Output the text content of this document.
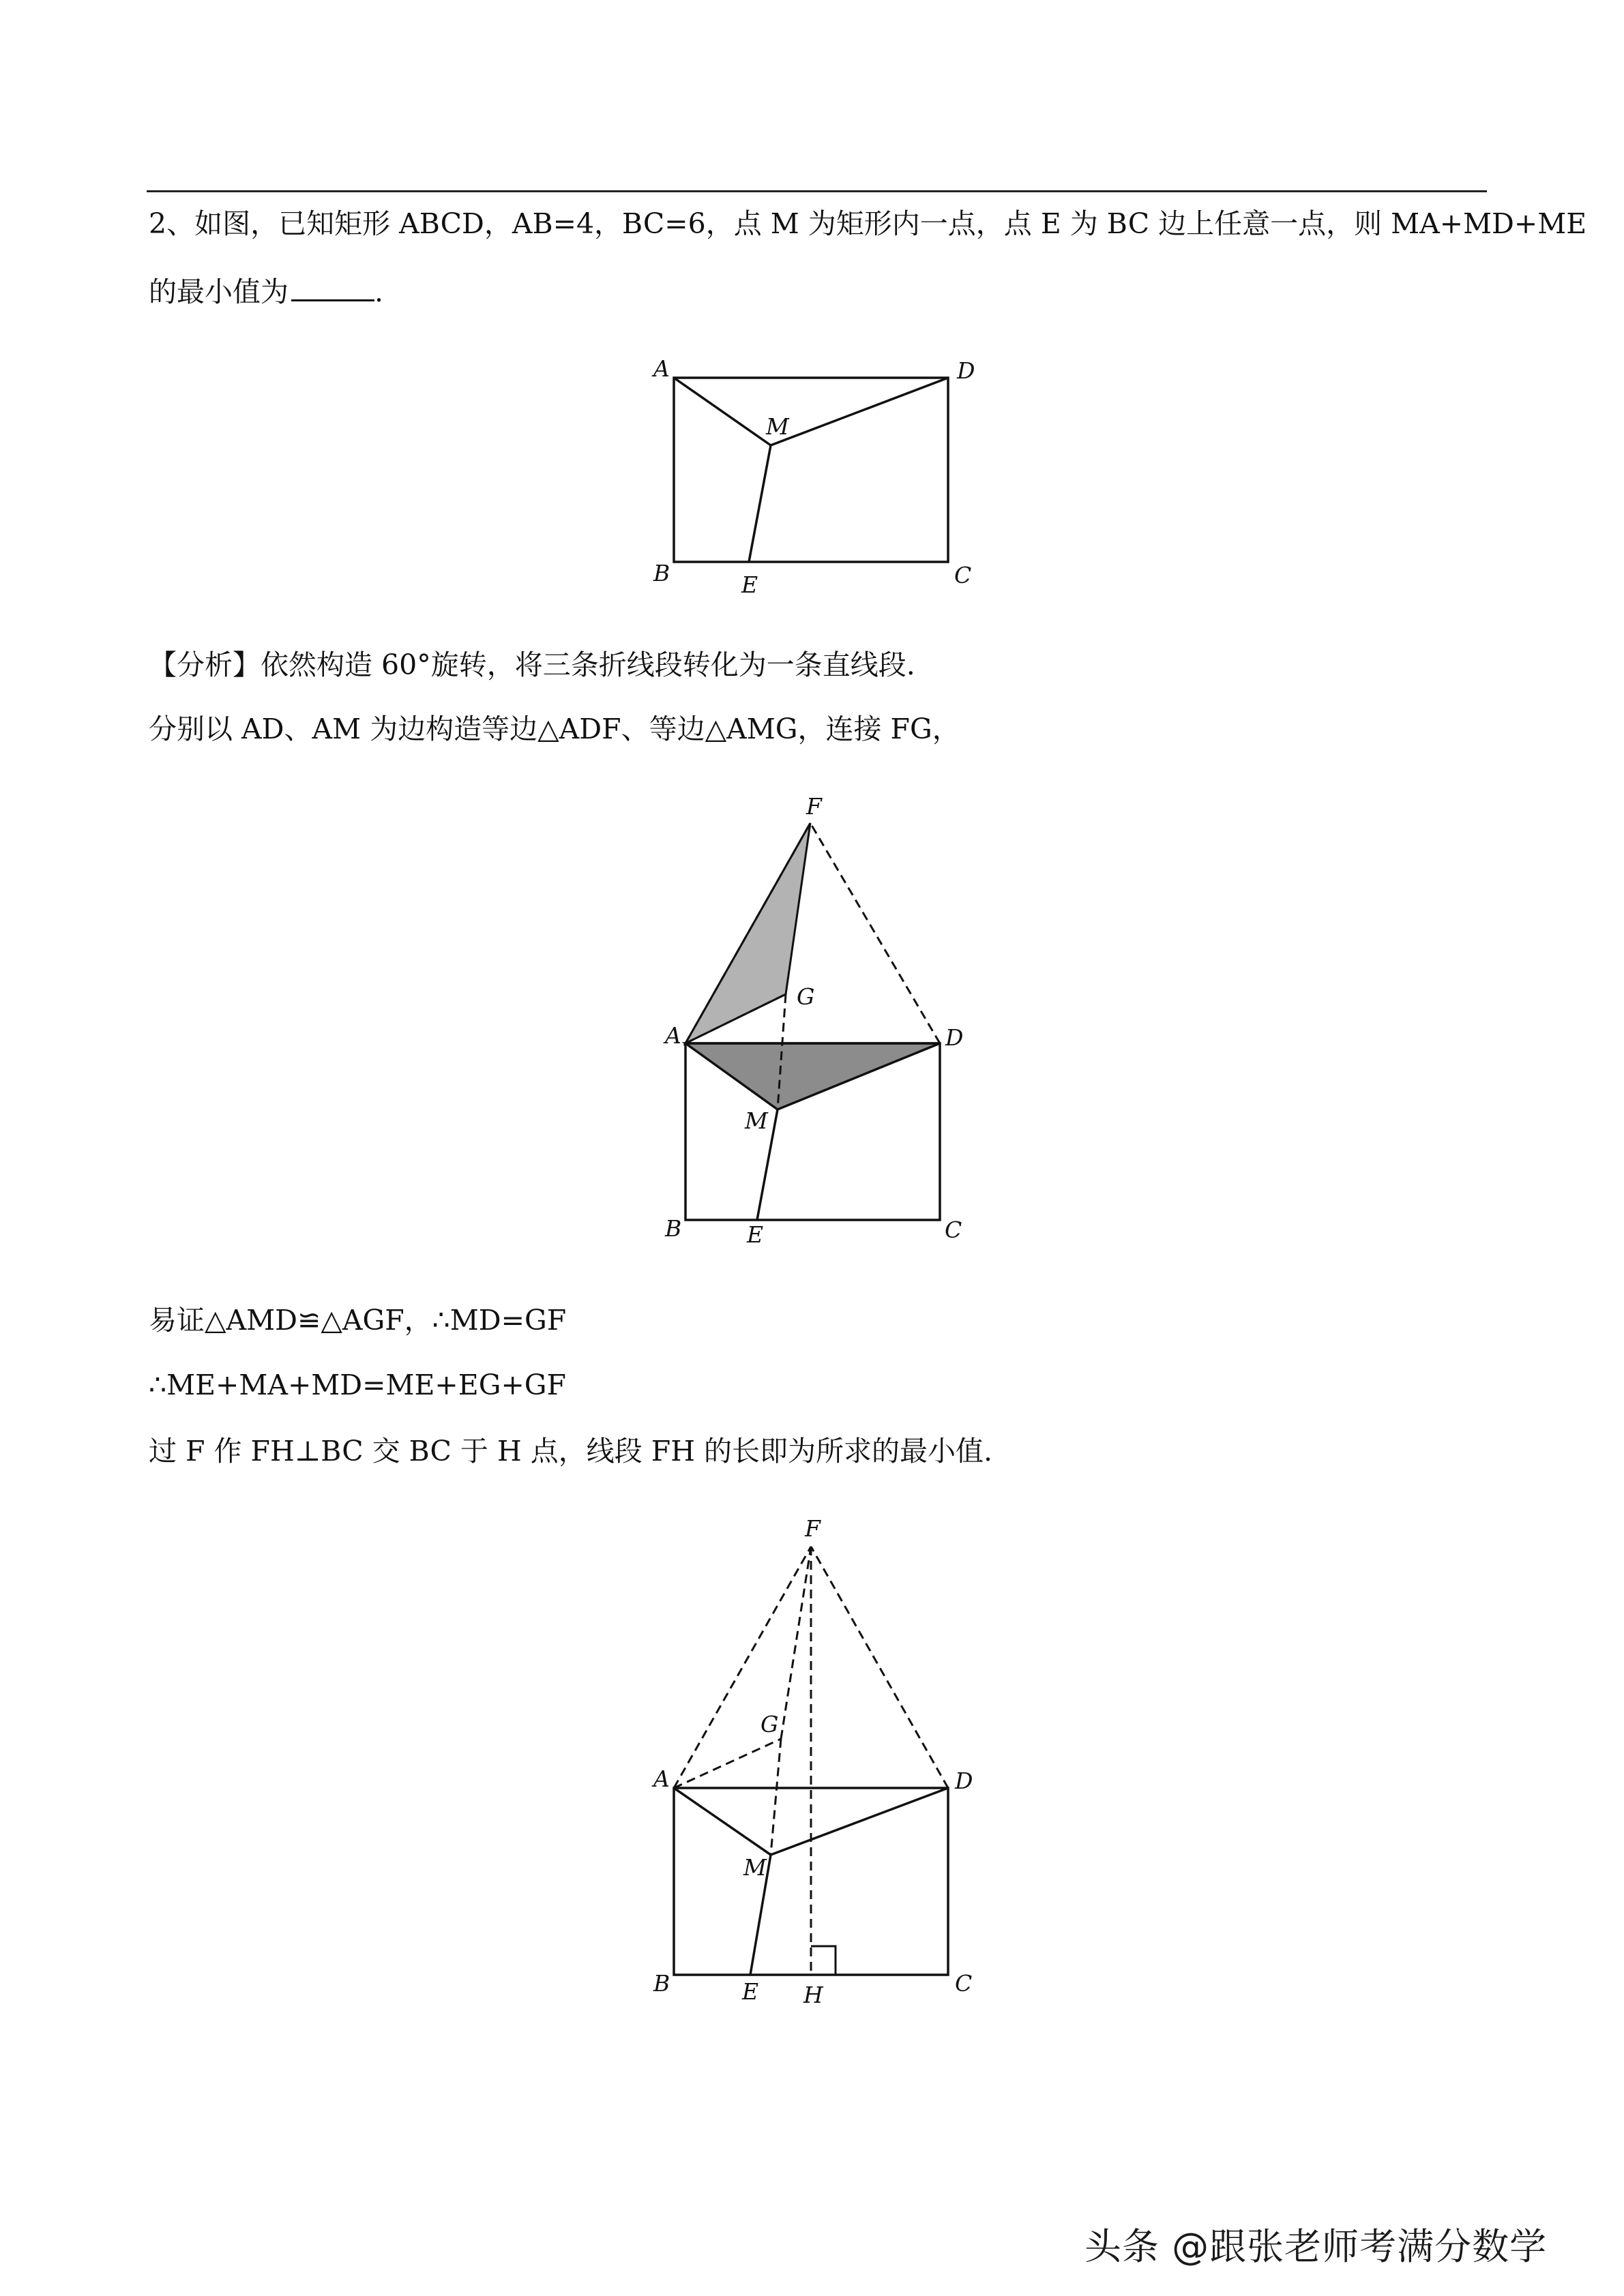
2、如图，已知矩形 ABCD，AB=4，BC=6，点 M 为矩形内一点，点 E 为 BC 边上任意一点，则 MA+MD+ME
的最小值为	.
A	D
M
B	C
E
【分析】依然构造 60°旋转，将三条折线段转化为一条直线段.
分别以 AD、AM 为边构造等边△ADF、等边△AMG，连接 FG，
F
G
A	D
M
B	C
E
易证△AMD≌△AGF，∴MD=GF
∴ME+MA+MD=ME+EG+GF
过 F 作 FH⊥BC 交 BC 于 H 点，线段 FH 的长即为所求的最小值.
F
G
A	D
M
B	C
E H
头条 @跟张老师考满分数学
